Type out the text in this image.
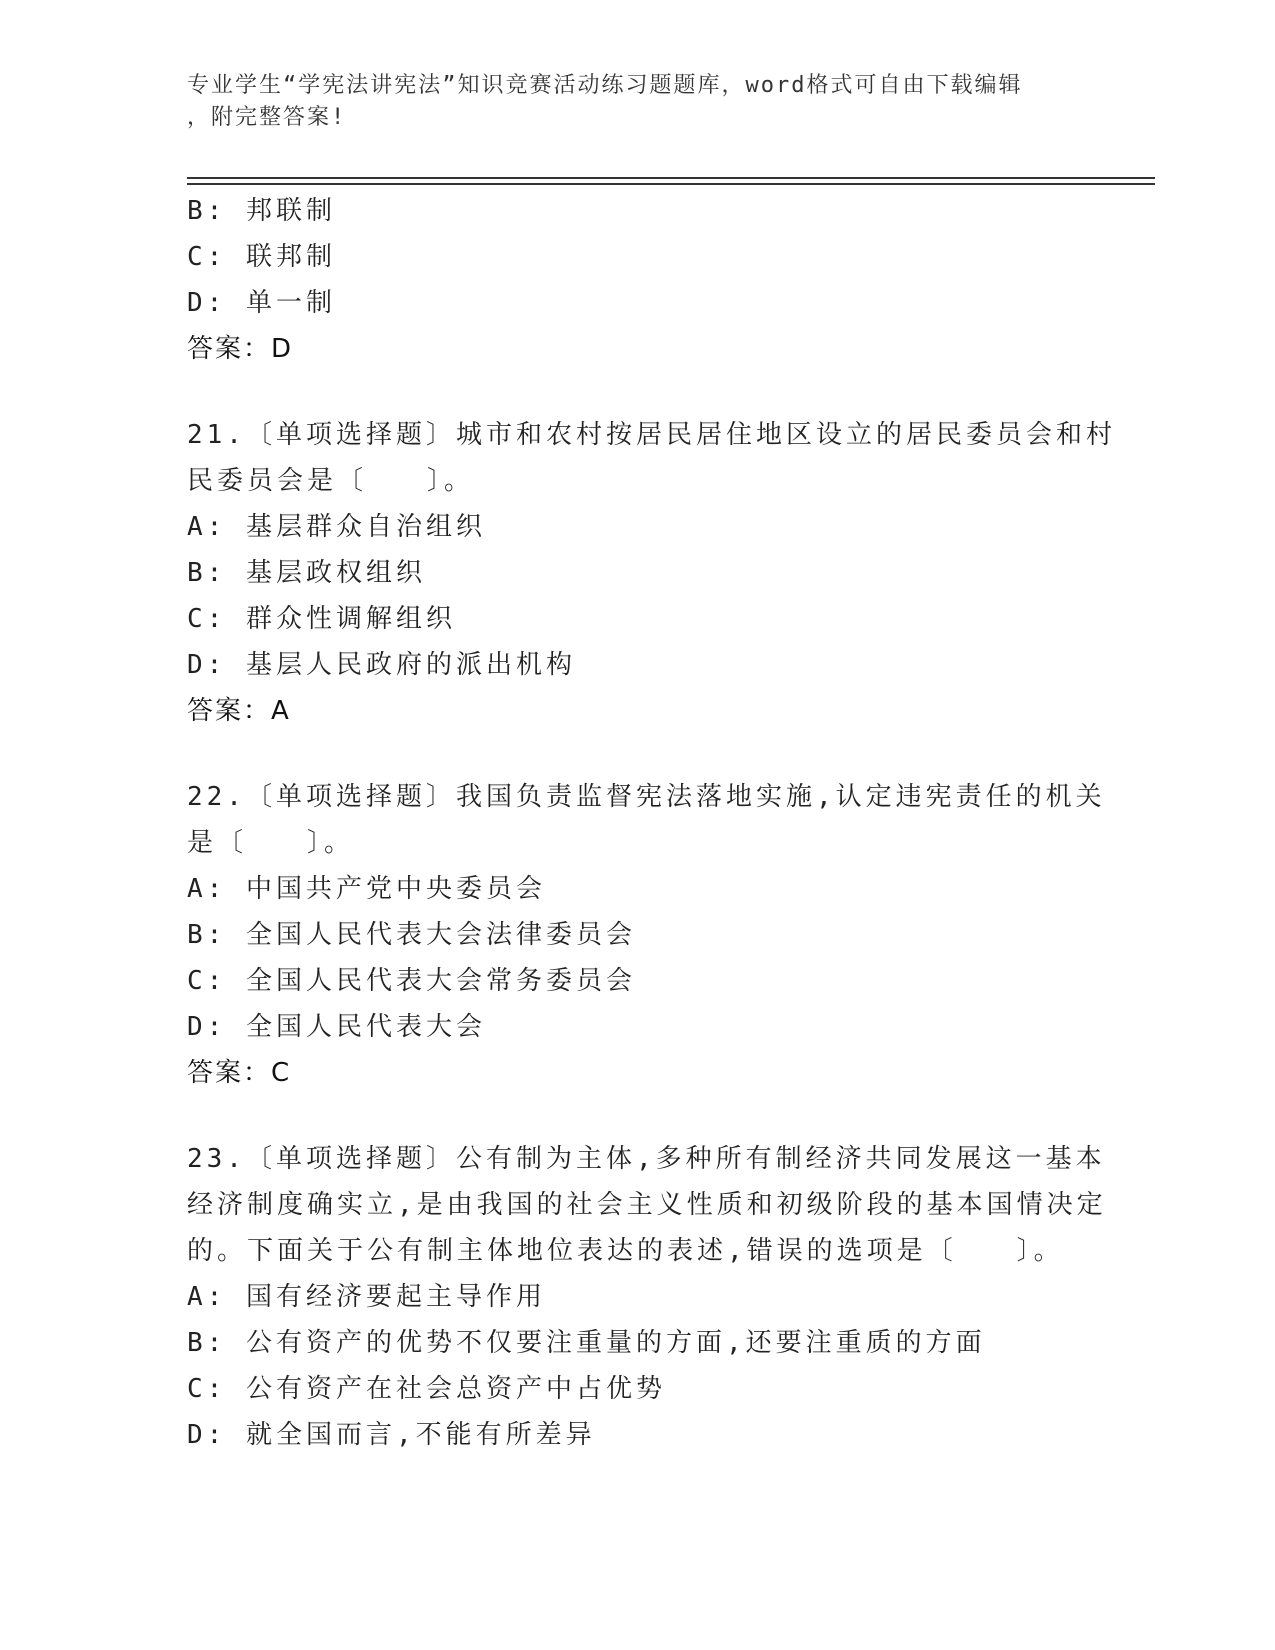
专业学生“学宪法讲宪法”知识竞赛活动练习题题库，word格式可自由下载编辑
，附完整答案!
B: 邦联制
C: 联邦制
D: 单一制
答案：D
21.〔单项选择题〕城市和农村按居民居住地区设立的居民委员会和村
民委员会是〔　　〕。
A: 基层群众自治组织
B: 基层政权组织
C: 群众性调解组织
D: 基层人民政府的派出机构
答案：A
22.〔单项选择题〕我国负责监督宪法落地实施,认定违宪责任的机关
是〔　　〕。
A: 中国共产党中央委员会
B: 全国人民代表大会法律委员会
C: 全国人民代表大会常务委员会
D: 全国人民代表大会
答案：C
23.〔单项选择题〕公有制为主体,多种所有制经济共同发展这一基本
经济制度确实立,是由我国的社会主义性质和初级阶段的基本国情决定
的。下面关于公有制主体地位表达的表述,错误的选项是〔　　〕。
A: 国有经济要起主导作用
B: 公有资产的优势不仅要注重量的方面,还要注重质的方面
C: 公有资产在社会总资产中占优势
D: 就全国而言,不能有所差异
